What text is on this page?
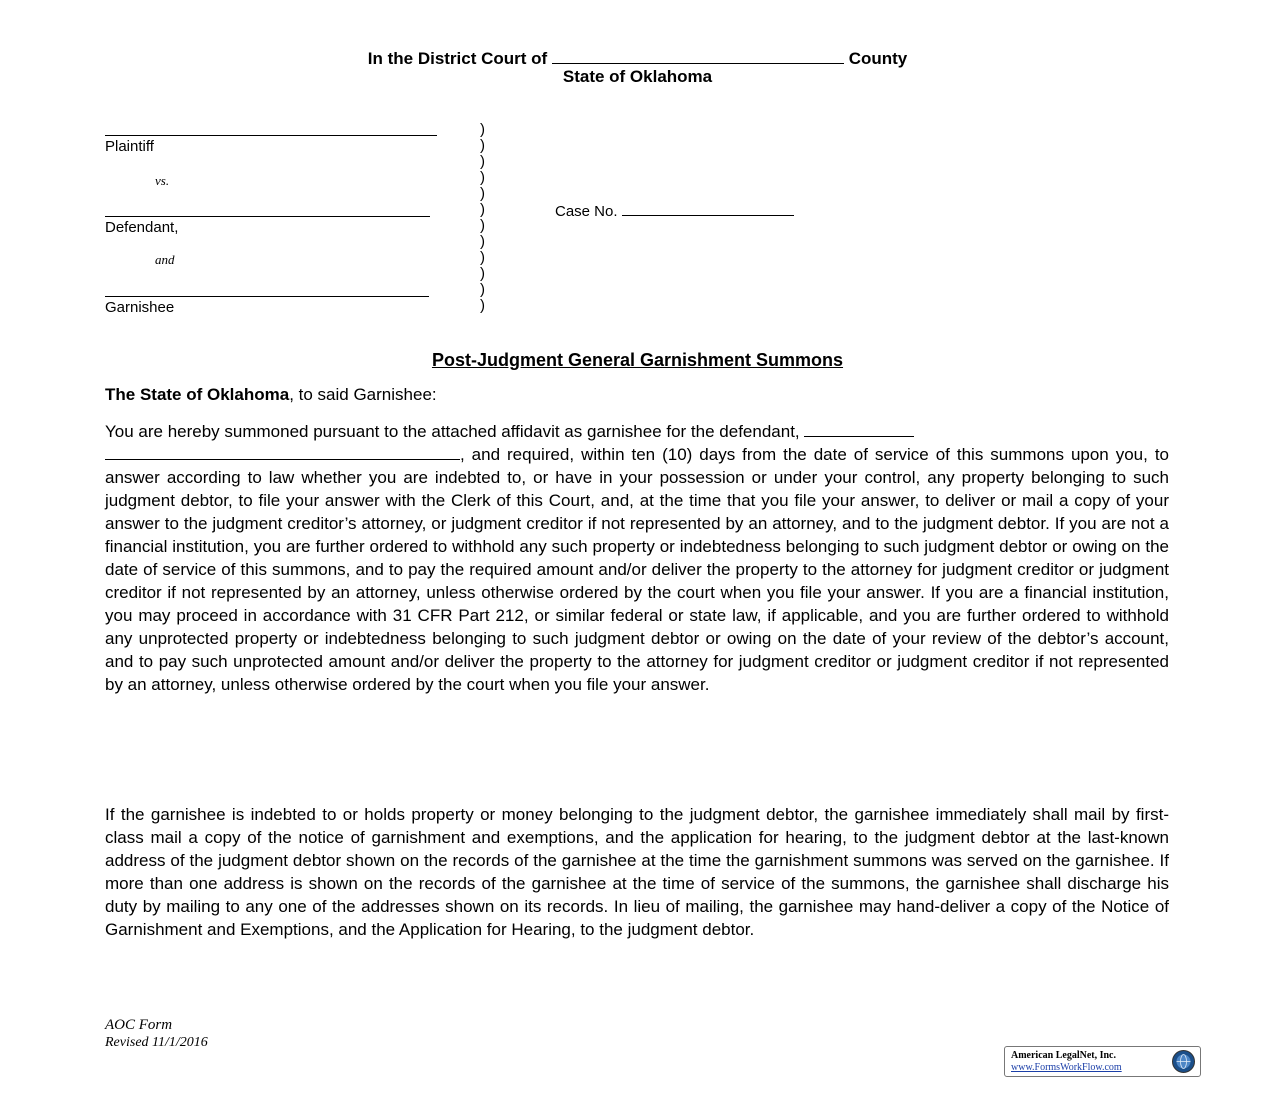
In the District Court of	County
State of Oklahoma
Plaintiff
vs.
Defendant,
and
Garnishee
)
)
)
)
)
)
)
)
)
)
)
)
Case No.
Post-Judgment General Garnishment Summons
The State of Oklahoma, to said Garnishee:

You are hereby summoned pursuant to the attached affidavit as garnishee for the defendant,
, and required, within ten (10) days from the date of service of this summons upon you, to answer according to law whether you are indebted to, or have in your possession or under your control, any property belonging to such judgment debtor, to file your answer with the Clerk of this Court, and, at the time that you file your answer, to deliver or mail a copy of your answer to the judgment creditor’s attorney, or judgment creditor if not represented by an attorney, and to the judgment debtor. If you are not a financial institution, you are further ordered to withhold any such property or indebtedness belonging to such judgment debtor or owing on the date of service of this summons, and to pay the required amount and/or deliver the property to the attorney for judgment creditor or judgment creditor if not represented by an attorney, unless otherwise ordered by the court when you file your answer. If you are a financial institution, you may proceed in accordance with 31 CFR Part 212, or similar federal or state law, if applicable, and you are further ordered to withhold any unprotected property or indebtedness belonging to such judgment debtor or owing on the date of your review of the debtor’s account, and to pay such unprotected amount and/or deliver the property to the attorney for judgment creditor or judgment creditor if not represented by an attorney, unless otherwise ordered by the court when you file your answer.

If the garnishee is indebted to or holds property or money belonging to the judgment debtor, the garnishee immediately shall mail by first-class mail a copy of the notice of garnishment and exemptions, and the application for hearing, to the judgment debtor at the last-known address of the judgment debtor shown on the records of the garnishee at the time the garnishment summons was served on the garnishee. If more than one address is shown on the records of the garnishee at the time of service of the summons, the garnishee shall discharge his duty by mailing to any one of the addresses shown on its records. In lieu of mailing, the garnishee may hand-deliver a copy of the Notice of Garnishment and Exemptions, and the Application for Hearing, to the judgment debtor.

AOC Form
Revised 11/1/2016
American LegalNet, Inc.
www.FormsWorkFlow.com
